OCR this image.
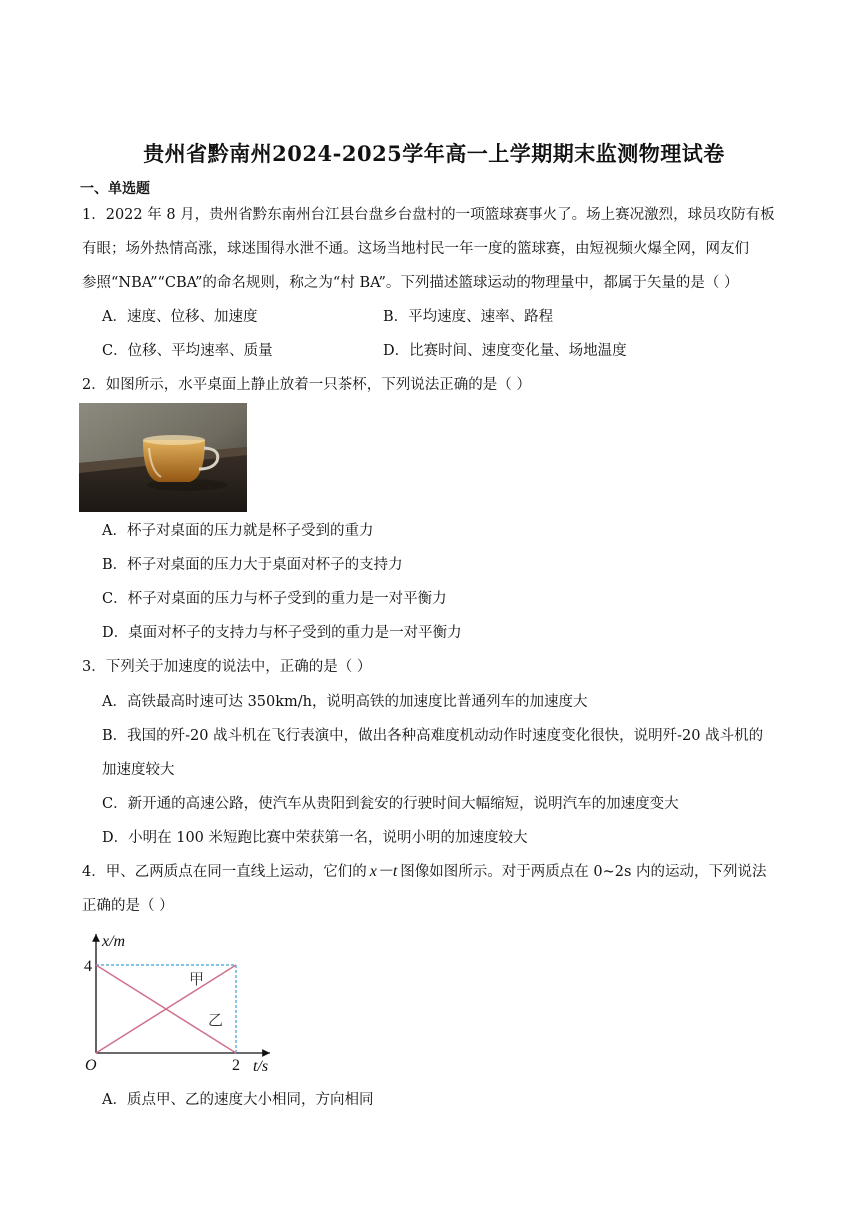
贵州省黔南州2024-2025学年高一上学期期末监测物理试卷
一、单选题
1．2022 年 8 月，贵州省黔东南州台江县台盘乡台盘村的一项篮球赛事火了。场上赛况激烈，球员攻防有板
有眼；场外热情高涨，球迷围得水泄不通。这场当地村民一年一度的篮球赛，由短视频火爆全网，网友们
参照“NBA”“CBA”的命名规则，称之为“村 BA”。下列描述篮球运动的物理量中，都属于矢量的是（ ）
A．速度、位移、加速度	B．平均速度、速率、路程
C．位移、平均速率、质量	D．比赛时间、速度变化量、场地温度
2．如图所示，水平桌面上静止放着一只茶杯，下列说法正确的是（ ）
A．杯子对桌面的压力就是杯子受到的重力
B．杯子对桌面的压力大于桌面对杯子的支持力
C．杯子对桌面的压力与杯子受到的重力是一对平衡力
D．桌面对杯子的支持力与杯子受到的重力是一对平衡力
3．下列关于加速度的说法中，正确的是（ ）
A．高铁最高时速可达 350km/h，说明高铁的加速度比普通列车的加速度大
B．我国的歼-20 战斗机在飞行表演中，做出各种高难度机动动作时速度变化很快，说明歼-20 战斗机的
加速度较大
C．新开通的高速公路，使汽车从贵阳到瓮安的行驶时间大幅缩短，说明汽车的加速度变大
D．小明在 100 米短跑比赛中荣获第一名，说明小明的加速度较大
4．甲、乙两质点在同一直线上运动，它们的 x－t 图像如图所示。对于两质点在 0~2s 内的运动，下列说法
正确的是（ ）
x/m
t/s
O
4
2
甲
乙
A．质点甲、乙的速度大小相同，方向相同
